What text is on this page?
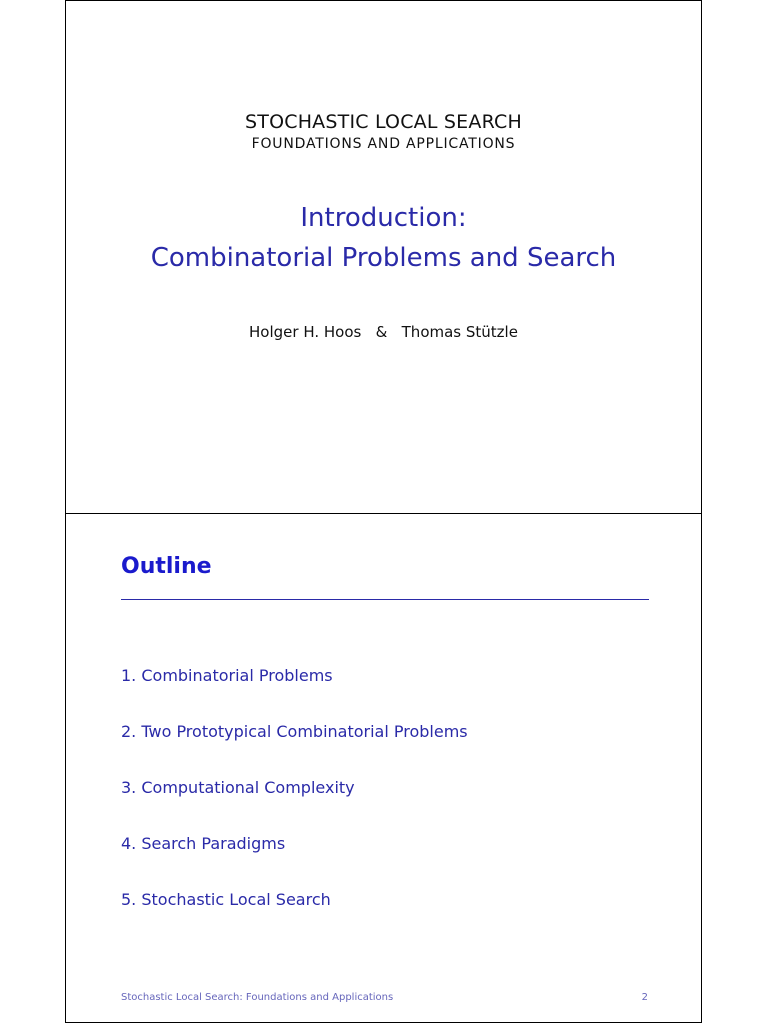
STOCHASTIC LOCAL SEARCH
FOUNDATIONS AND APPLICATIONS
Introduction:
Combinatorial Problems and Search
Holger H. Hoos   &   Thomas Stützle
Outline
1. Combinatorial Problems
2. Two Prototypical Combinatorial Problems
3. Computational Complexity
4. Search Paradigms
5. Stochastic Local Search
Stochastic Local Search: Foundations and Applications	2
